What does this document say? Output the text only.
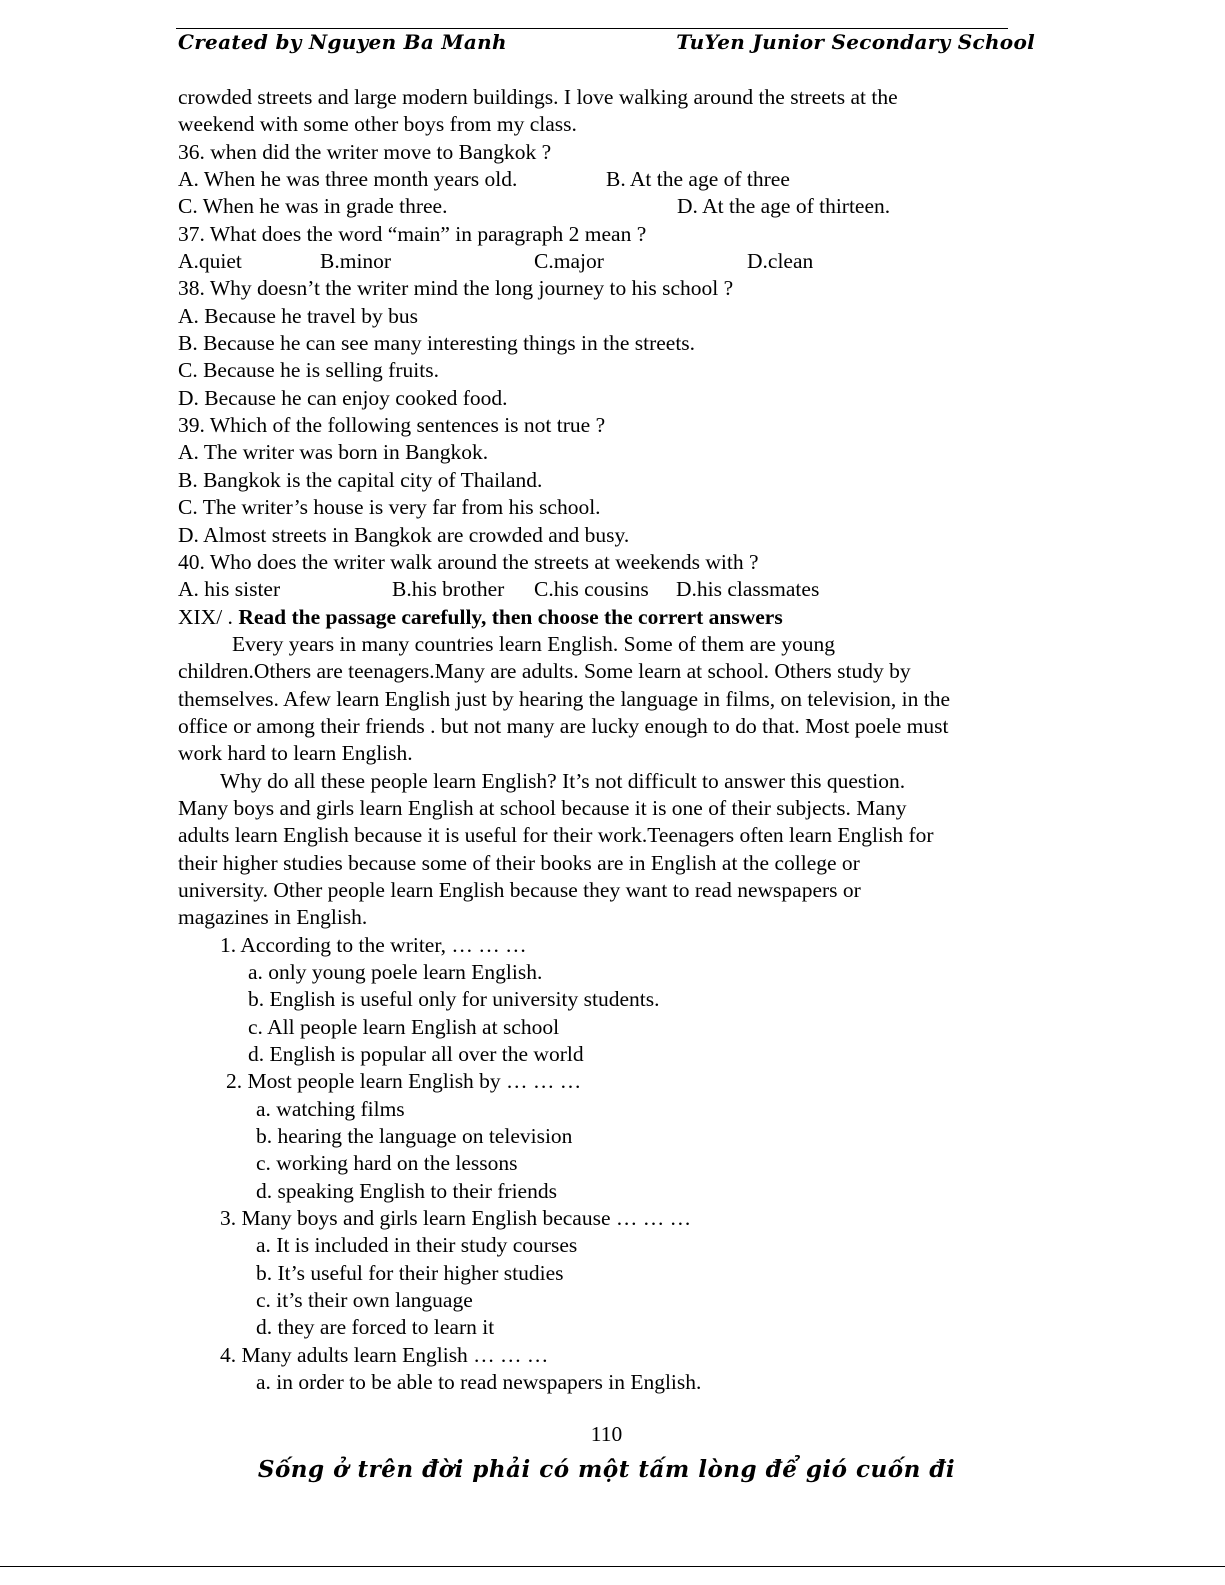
Created by Nguyen Ba Manh	TuYen Junior Secondary School
crowded streets and large modern buildings. I love walking around the streets at the
weekend with some other boys from my class.
36. when did the writer move to Bangkok ?
A. When he was three month years old.	B. At the age of three
C. When he was in grade three.	D. At the age of thirteen.
37. What does the word “main” in paragraph 2 mean ?
A.quiet	B.minor	C.major	D.clean
38. Why doesn’t the writer mind the long journey to his school ?
A. Because he travel by bus
B. Because he can see many interesting things in the streets.
C. Because he is selling fruits.
D. Because he can enjoy cooked food.
39. Which of the following sentences is not true ?
A. The writer was born in Bangkok.
B. Bangkok is the capital city of Thailand.
C. The writer’s house is very far from his school.
D. Almost streets in Bangkok are crowded and busy.
40. Who does the writer walk around the streets at weekends with ?
A. his sister	B.his brother C.his cousins D.his classmates
XIX/ . Read the passage carefully, then choose the corrert answers
Every years in many countries learn English. Some of them are young
children.Others are teenagers.Many are adults. Some learn at school. Others study by
themselves. Afew learn English just by hearing the language in films, on television, in the
office or among their friends . but not many are lucky enough to do that. Most poele must
work hard to learn English.
Why do all these people learn English? It’s not difficult to answer this question.
Many boys and girls learn English at school because it is one of their subjects. Many
adults learn English because it is useful for their work.Teenagers often learn English for
their higher studies because some of their books are in English at the college or
university. Other people learn English because they want to read newspapers or
magazines in English.
1. According to the writer, … … …
a. only young poele learn English.
b. English is useful only for university students.
c. All people learn English at school
d. English is popular all over the world
2. Most people learn English by … … …
a. watching films
b. hearing the language on television
c. working hard on the lessons
d. speaking English to their friends
3. Many boys and girls learn English because … … …
a. It is included in their study courses
b. It’s useful for their higher studies
c. it’s their own language
d. they are forced to learn it
4. Many adults learn English … … …
a. in order to be able to read newspapers in English.
110
Sống ở trên đời phải có một tấm lòng để gió cuốn đi
